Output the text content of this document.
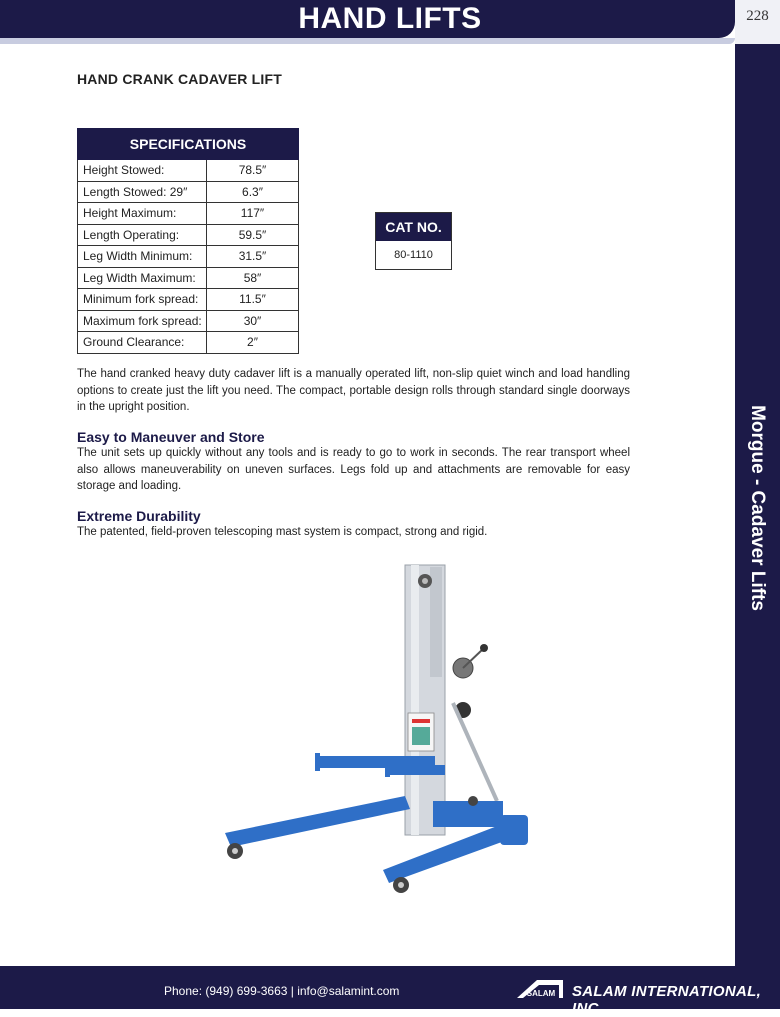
HAND LIFTS	228
Morgue - Cadaver Lifts
HAND CRANK CADAVER LIFT
SPECIFICATIONS	
Height Stowed:	78.5″
Length Stowed: 29″	6.3″
Height Maximum:	117″
Length Operating:	59.5″
Leg Width Minimum:	31.5″
Leg Width Maximum:	58″
Minimum fork spread:	11.5″
Maximum fork spread:	30″
Ground Clearance:	2″
CAT NO.
80-1110
The hand cranked heavy duty cadaver lift is a manually operated lift, non-slip quiet winch and load handling options to create just the lift you need. The compact, portable design rolls through standard single doorways in the upright position.
Easy to Maneuver and Store
The unit sets up quickly without any tools and is ready to go to work in seconds. The rear transport wheel also allows maneuverability on uneven surfaces. Legs fold up and attachments are removable for easy storage and loading.
Extreme Durability
The patented, field-proven telescoping mast system is compact, strong and rigid.
Phone: (949) 699-3663 | info@salamint.com	SALAM SALAM INTERNATIONAL, INC.
